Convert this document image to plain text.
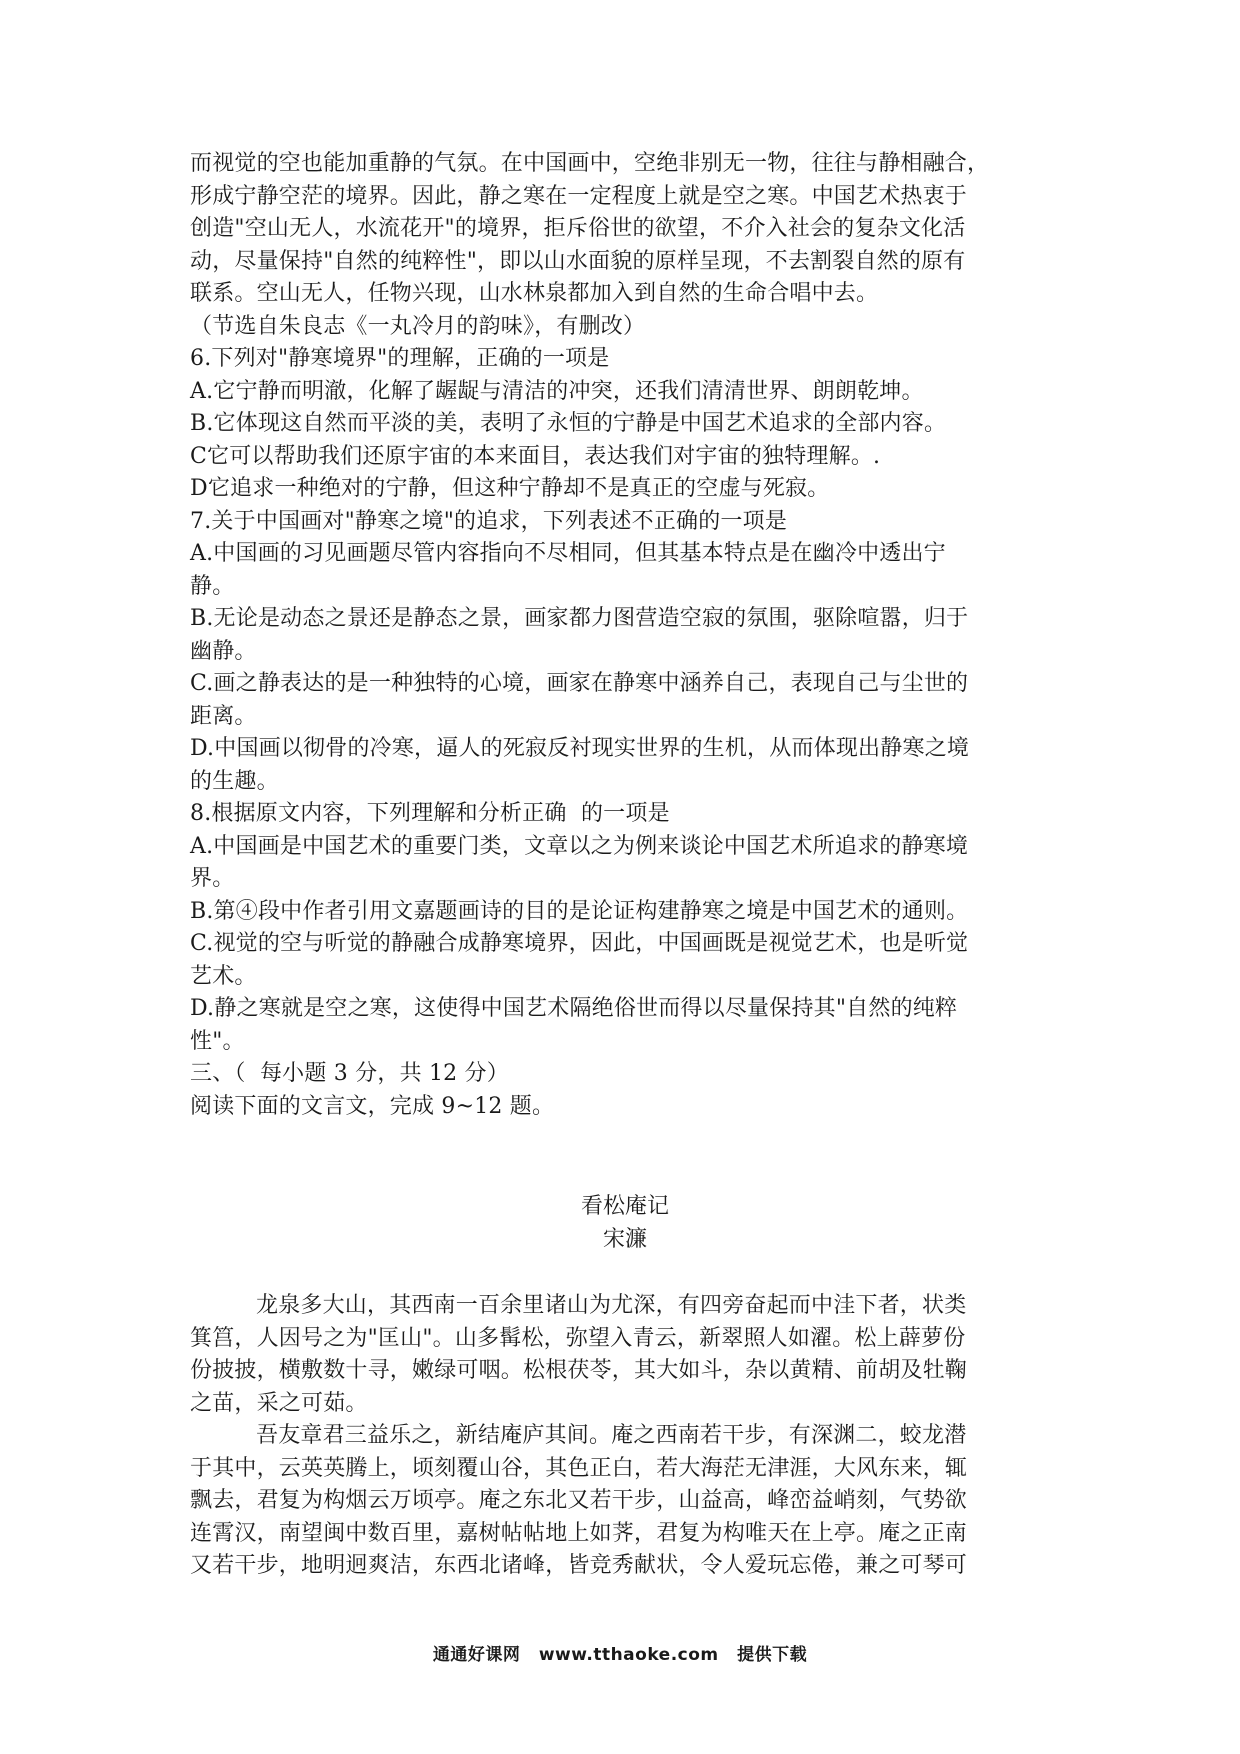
而视觉的空也能加重静的气氛。在中国画中，空绝非别无一物，往往与静相融合，
形成宁静空茫的境界。因此，静之寒在一定程度上就是空之寒。中国艺术热衷于
创造"空山无人，水流花开"的境界，拒斥俗世的欲望，不介入社会的复杂文化活
动，尽量保持"自然的纯粹性"，即以山水面貌的原样呈现，不去割裂自然的原有
联系。空山无人，任物兴现，山水林泉都加入到自然的生命合唱中去。
（节选自朱良志《一丸冷月的韵味》，有删改）
6.下列对"静寒境界"的理解，正确的一项是
A.它宁静而明澈，化解了龌龊与清洁的冲突，还我们清清世界、朗朗乾坤。
B.它体现这自然而平淡的美，表明了永恒的宁静是中国艺术追求的全部内容。
C它可以帮助我们还原宇宙的本来面目，表达我们对宇宙的独特理解。.
D它追求一种绝对的宁静，但这种宁静却不是真正的空虚与死寂。
7.关于中国画对"静寒之境"的追求，下列表述不正确的一项是
A.中国画的习见画题尽管内容指向不尽相同，但其基本特点是在幽冷中透出宁
静。
B.无论是动态之景还是静态之景，画家都力图营造空寂的氛围，驱除喧嚣，归于
幽静。
C.画之静表达的是一种独特的心境，画家在静寒中涵养自己，表现自己与尘世的
距离。
D.中国画以彻骨的冷寒，逼人的死寂反衬现实世界的生机，从而体现出静寒之境
的生趣。
8.根据原文内容，下列理解和分析正确  的一项是
A.中国画是中国艺术的重要门类，文章以之为例来谈论中国艺术所追求的静寒境
界。
B.第④段中作者引用文嘉题画诗的目的是论证构建静寒之境是中国艺术的通则。
C.视觉的空与听觉的静融合成静寒境界，因此，中国画既是视觉艺术，也是听觉
艺术。
D.静之寒就是空之寒，这使得中国艺术隔绝俗世而得以尽量保持其"自然的纯粹
性"。
三、（  每小题 3 分，共 12 分）
阅读下面的文言文，完成 9~12 题。
看松庵记
宋濂
龙泉多大山，其西南一百余里诸山为尤深，有四旁奋起而中洼下者，状类
箕筥，人因号之为"匡山"。山多髯松，弥望入青云，新翠照人如濯。松上薜萝份
份披披，横敷数十寻，嫩绿可咽。松根茯苓，其大如斗，杂以黄精、前胡及牡鞠
之苗，采之可茹。
吾友章君三益乐之，新结庵庐其间。庵之西南若干步，有深渊二，蛟龙潜
于其中，云英英腾上，顷刻覆山谷，其色正白，若大海茫无津涯，大风东来，辄
飘去，君复为构烟云万顷亭。庵之东北又若干步，山益高，峰峦益峭刻，气势欲
连霄汉，南望闽中数百里，嘉树帖帖地上如荠，君复为构唯天在上亭。庵之正南
又若干步，地明迥爽洁，东西北诸峰，皆竞秀献状，令人爱玩忘倦，兼之可琴可
通通好课网 www.tthaoke.com 提供下载
